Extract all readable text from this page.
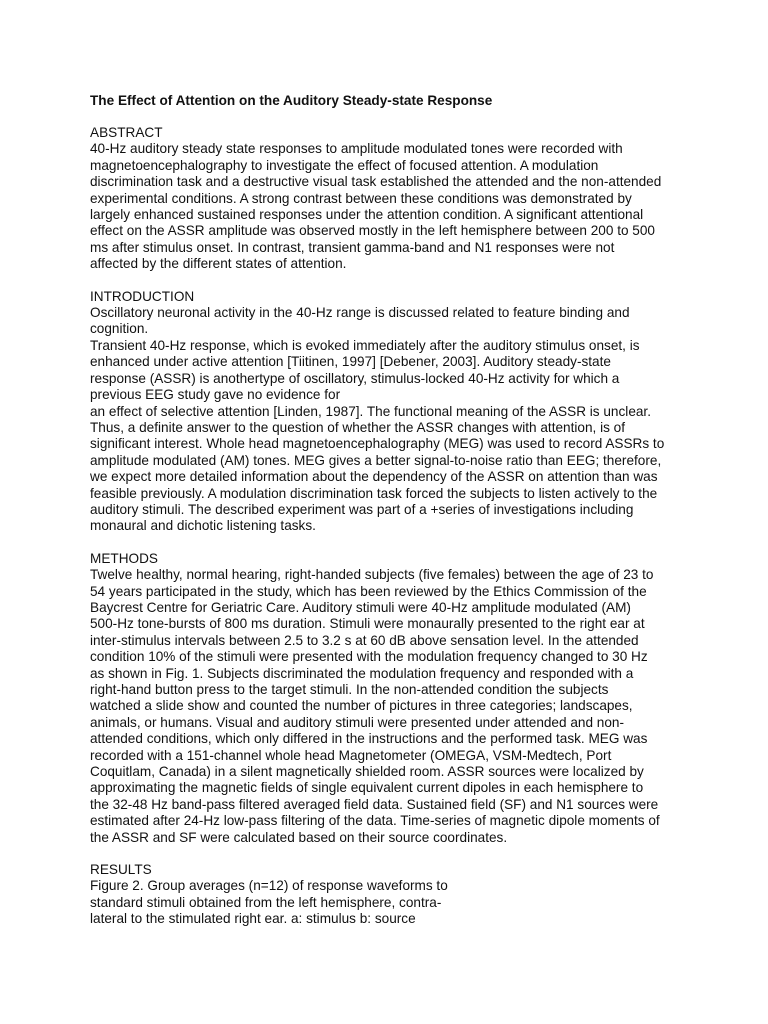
The Effect of Attention on the Auditory Steady-state Response
ABSTRACT
40-Hz auditory steady state responses to amplitude modulated tones were recorded with
magnetoencephalography to investigate the effect of focused attention. A modulation
discrimination task and a destructive visual task established the attended and the non-attended
experimental conditions. A strong contrast between these conditions was demonstrated by
largely enhanced sustained responses under the attention condition. A significant attentional
effect on the ASSR amplitude was observed mostly in the left hemisphere between 200 to 500
ms after stimulus onset. In contrast, transient gamma-band and N1 responses were not
affected by the different states of attention.
INTRODUCTION
Oscillatory neuronal activity in the 40-Hz range is discussed related to feature binding and
cognition.
Transient 40-Hz response, which is evoked immediately after the auditory stimulus onset, is
enhanced under active attention [Tiitinen, 1997] [Debener, 2003]. Auditory steady-state
response (ASSR) is anothertype of oscillatory, stimulus-locked 40-Hz activity for which a
previous EEG study gave no evidence for
an effect of selective attention [Linden, 1987]. The functional meaning of the ASSR is unclear.
Thus, a definite answer to the question of whether the ASSR changes with attention, is of
significant interest. Whole head magnetoencephalography (MEG) was used to record ASSRs to
amplitude modulated (AM) tones. MEG gives a better signal-to-noise ratio than EEG; therefore,
we expect more detailed information about the dependency of the ASSR on attention than was
feasible previously. A modulation discrimination task forced the subjects to listen actively to the
auditory stimuli. The described experiment was part of a +series of investigations including
monaural and dichotic listening tasks.
METHODS
Twelve healthy, normal hearing, right-handed subjects (five females) between the age of 23 to
54 years participated in the study, which has been reviewed by the Ethics Commission of the
Baycrest Centre for Geriatric Care. Auditory stimuli were 40-Hz amplitude modulated (AM)
500-Hz tone-bursts of 800 ms duration. Stimuli were monaurally presented to the right ear at
inter-stimulus intervals between 2.5 to 3.2 s at 60 dB above sensation level. In the attended
condition 10% of the stimuli were presented with the modulation frequency changed to 30 Hz
as shown in Fig. 1. Subjects discriminated the modulation frequency and responded with a
right-hand button press to the target stimuli. In the non-attended condition the subjects
watched a slide show and counted the number of pictures in three categories; landscapes,
animals, or humans. Visual and auditory stimuli were presented under attended and non-
attended conditions, which only differed in the instructions and the performed task. MEG was
recorded with a 151-channel whole head Magnetometer (OMEGA, VSM-Medtech, Port
Coquitlam, Canada) in a silent magnetically shielded room. ASSR sources were localized by
approximating the magnetic fields of single equivalent current dipoles in each hemisphere to
the 32-48 Hz band-pass filtered averaged field data. Sustained field (SF) and N1 sources were
estimated after 24-Hz low-pass filtering of the data. Time-series of magnetic dipole moments of
the ASSR and SF were calculated based on their source coordinates.
RESULTS
Figure 2. Group averages (n=12) of response waveforms to
standard stimuli obtained from the left hemisphere, contra-
lateral to the stimulated right ear. a: stimulus b: source
